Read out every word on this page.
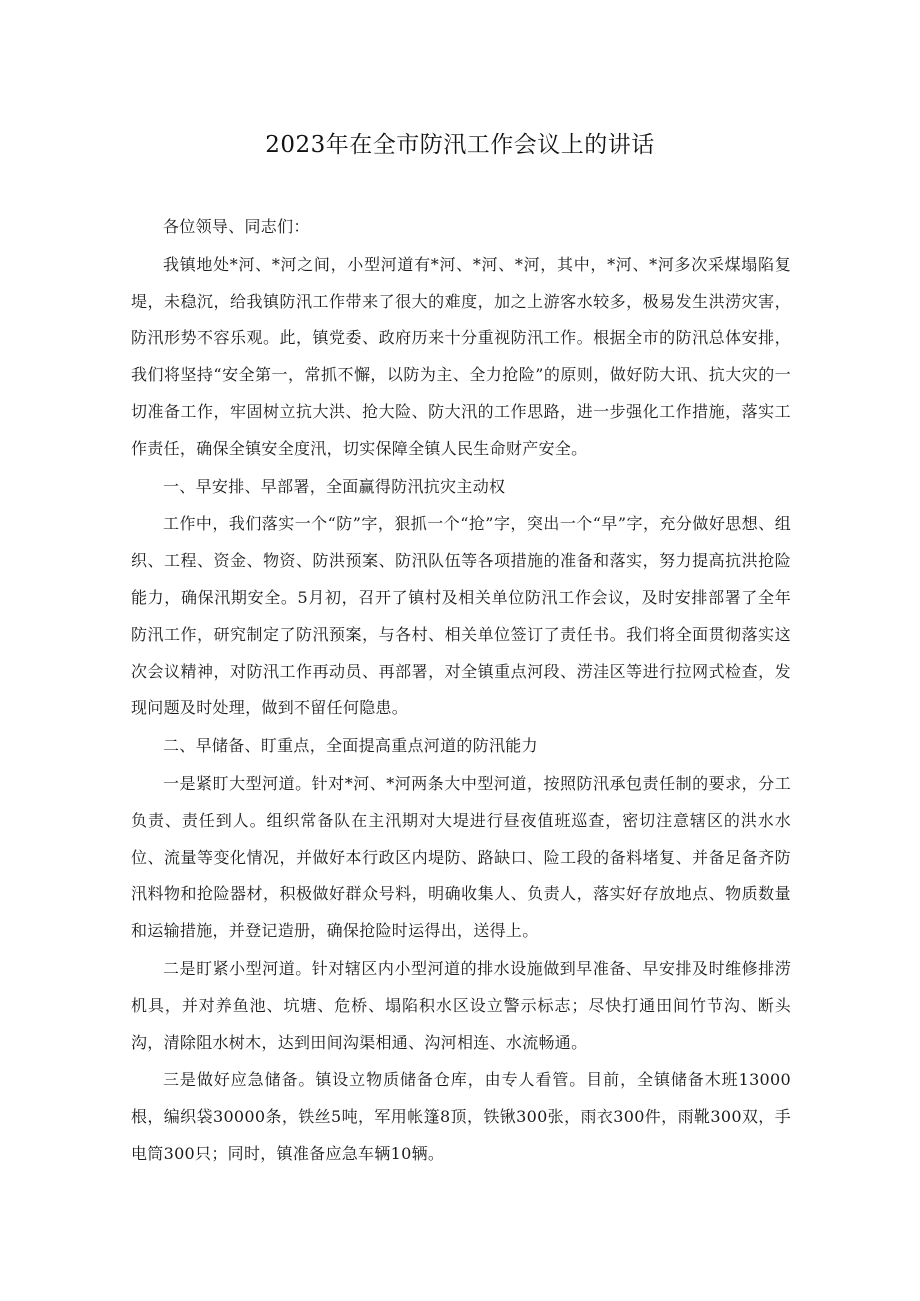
2023年在全市防汛工作会议上的讲话

各位领导、同志们：

我镇地处*河、*河之间，小型河道有*河、*河、*河，其中，*河、*河多次采煤塌陷复堤，未稳沉，给我镇防汛工作带来了很大的难度，加之上游客水较多，极易发生洪涝灾害，防汛形势不容乐观。此，镇党委、政府历来十分重视防汛工作。根据全市的防汛总体安排，我们将坚持“安全第一，常抓不懈，以防为主、全力抢险”的原则，做好防大讯、抗大灾的一切准备工作，牢固树立抗大洪、抢大险、防大汛的工作思路，进一步强化工作措施，落实工作责任，确保全镇安全度汛，切实保障全镇人民生命财产安全。

一、早安排、早部署，全面赢得防汛抗灾主动权

工作中，我们落实一个“防”字，狠抓一个“抢”字，突出一个“早”字，充分做好思想、组织、工程、资金、物资、防洪预案、防汛队伍等各项措施的准备和落实，努力提高抗洪抢险能力，确保汛期安全。5月初，召开了镇村及相关单位防汛工作会议，及时安排部署了全年防汛工作，研究制定了防汛预案，与各村、相关单位签订了责任书。我们将全面贯彻落实这次会议精神，对防汛工作再动员、再部署，对全镇重点河段、涝洼区等进行拉网式检查，发现问题及时处理，做到不留任何隐患。

二、早储备、盯重点，全面提高重点河道的防汛能力

一是紧盯大型河道。针对*河、*河两条大中型河道，按照防汛承包责任制的要求，分工负责、责任到人。组织常备队在主汛期对大堤进行昼夜值班巡查，密切注意辖区的洪水水位、流量等变化情况，并做好本行政区内堤防、路缺口、险工段的备料堵复、并备足备齐防汛料物和抢险器材，积极做好群众号料，明确收集人、负责人，落实好存放地点、物质数量和运输措施，并登记造册，确保抢险时运得出，送得上。

二是盯紧小型河道。针对辖区内小型河道的排水设施做到早准备、早安排及时维修排涝机具，并对养鱼池、坑塘、危桥、塌陷积水区设立警示标志；尽快打通田间竹节沟、断头沟，清除阻水树木，达到田间沟渠相通、沟河相连、水流畅通。

三是做好应急储备。镇设立物质储备仓库，由专人看管。目前，全镇储备木班13000根，编织袋30000条，铁丝5吨，军用帐篷8顶，铁锹300张，雨衣300件，雨靴300双，手电筒300只；同时，镇准备应急车辆10辆。
